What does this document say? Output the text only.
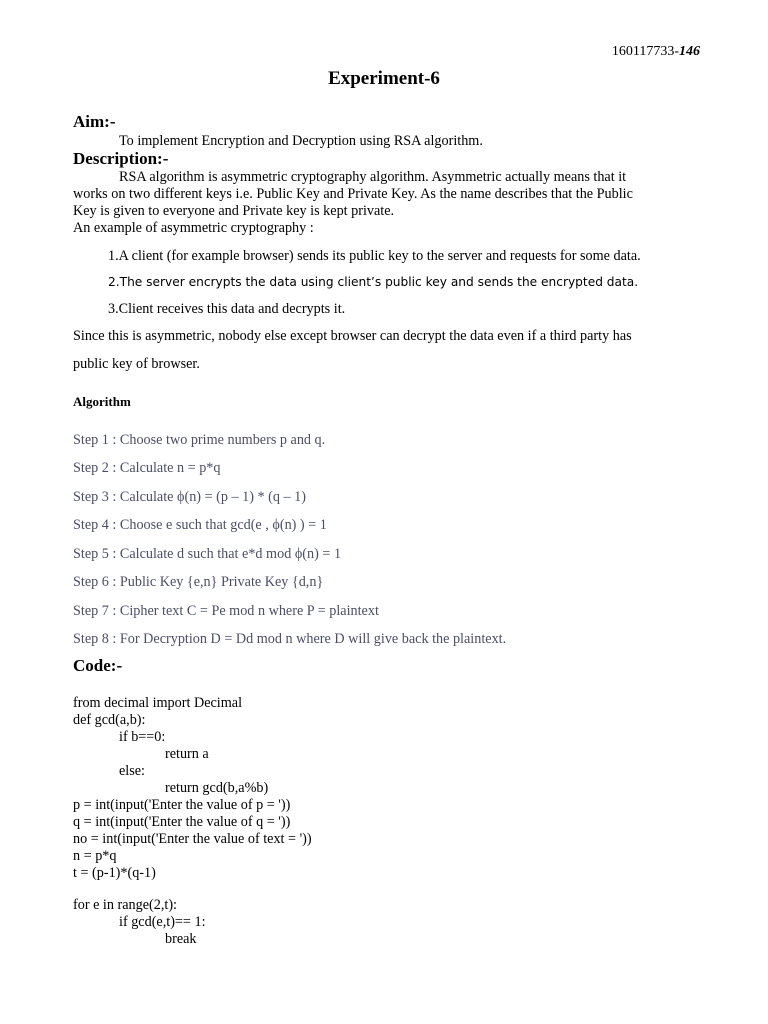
160117733-146
Experiment-6
Aim:-
To implement Encryption and Decryption using RSA algorithm.
Description:-
RSA algorithm is asymmetric cryptography algorithm. Asymmetric actually means that it
works on two different keys i.e. Public Key and Private Key. As the name describes that the Public
Key is given to everyone and Private key is kept private.
An example of asymmetric cryptography :
1.A client (for example browser) sends its public key to the server and requests for some data.
2.The server encrypts the data using client’s public key and sends the encrypted data.
3.Client receives this data and decrypts it.
Since this is asymmetric, nobody else except browser can decrypt the data even if a third party has
public key of browser.
Algorithm
Step 1 : Choose two prime numbers p and q.
Step 2 : Calculate n = p*q
Step 3 : Calculate ϕ(n) = (p – 1) * (q – 1)
Step 4 : Choose e such that gcd(e , ϕ(n) ) = 1
Step 5 : Calculate d such that e*d mod ϕ(n) = 1
Step 6 : Public Key {e,n} Private Key {d,n}
Step 7 : Cipher text C = Pe mod n where P = plaintext
Step 8 : For Decryption D = Dd mod n where D will give back the plaintext.
Code:-
from decimal import Decimal
def gcd(a,b):
if b==0:
return a
else:
return gcd(b,a%b)
p = int(input('Enter the value of p = '))
q = int(input('Enter the value of q = '))
no = int(input('Enter the value of text = '))
n = p*q
t = (p-1)*(q-1)
for e in range(2,t):
if gcd(e,t)== 1:
break
